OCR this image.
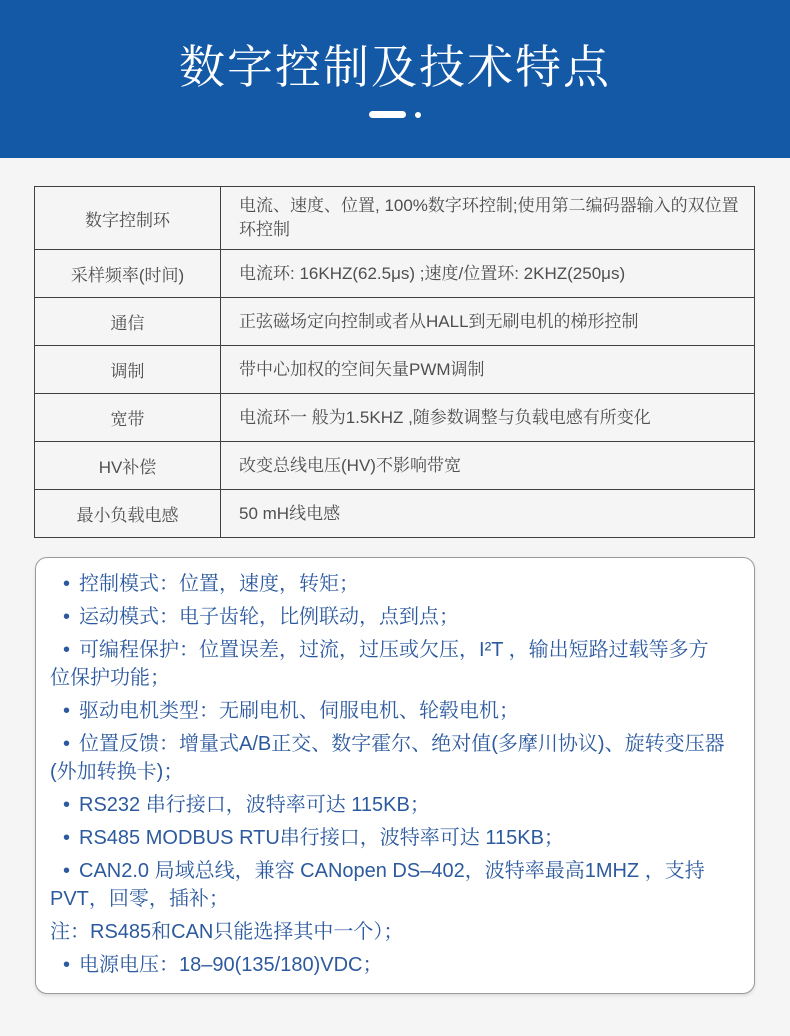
数字控制及技术特点
数字控制环	电流、速度、位置, 100%数字环控制;使用第二编码器输入的双位置环控制
采样频率(时间)	电流环: 16KHZ(62.5μs) ;速度/位置环: 2KHZ(250μs)
通信	正弦磁场定向控制或者从HALL到无刷电机的梯形控制
调制	带中心加权的空间矢量PWM调制
宽带	电流环一 般为1.5KHZ ,随参数调整与负载电感有所变化
HV补偿	改变总线电压(HV)不影响带宽
最小负载电感	50 mH线电感

• 控制模式：位置，速度，转矩；

• 运动模式：电子齿轮，比例联动，点到点；

• 可编程保护：位置误差，过流，过压或欠压，I²T ，输出短路过载等多方位保护功能；

• 驱动电机类型：无刷电机、伺服电机、轮毂电机；

• 位置反馈：增量式A/B正交、数字霍尔、绝对值(多摩川协议)、旋转变压器(外加转换卡)；

• RS232 串行接口，波特率可达 115KB；

• RS485 MODBUS RTU串行接口，波特率可达 115KB；

• CAN2.0 局域总线，兼容 CANopen DS–402，波特率最高1MHZ ，支持PVT，回零，插补；

注：RS485和CAN只能选择其中一个）；

• 电源电压：18–90(135/180)VDC；
